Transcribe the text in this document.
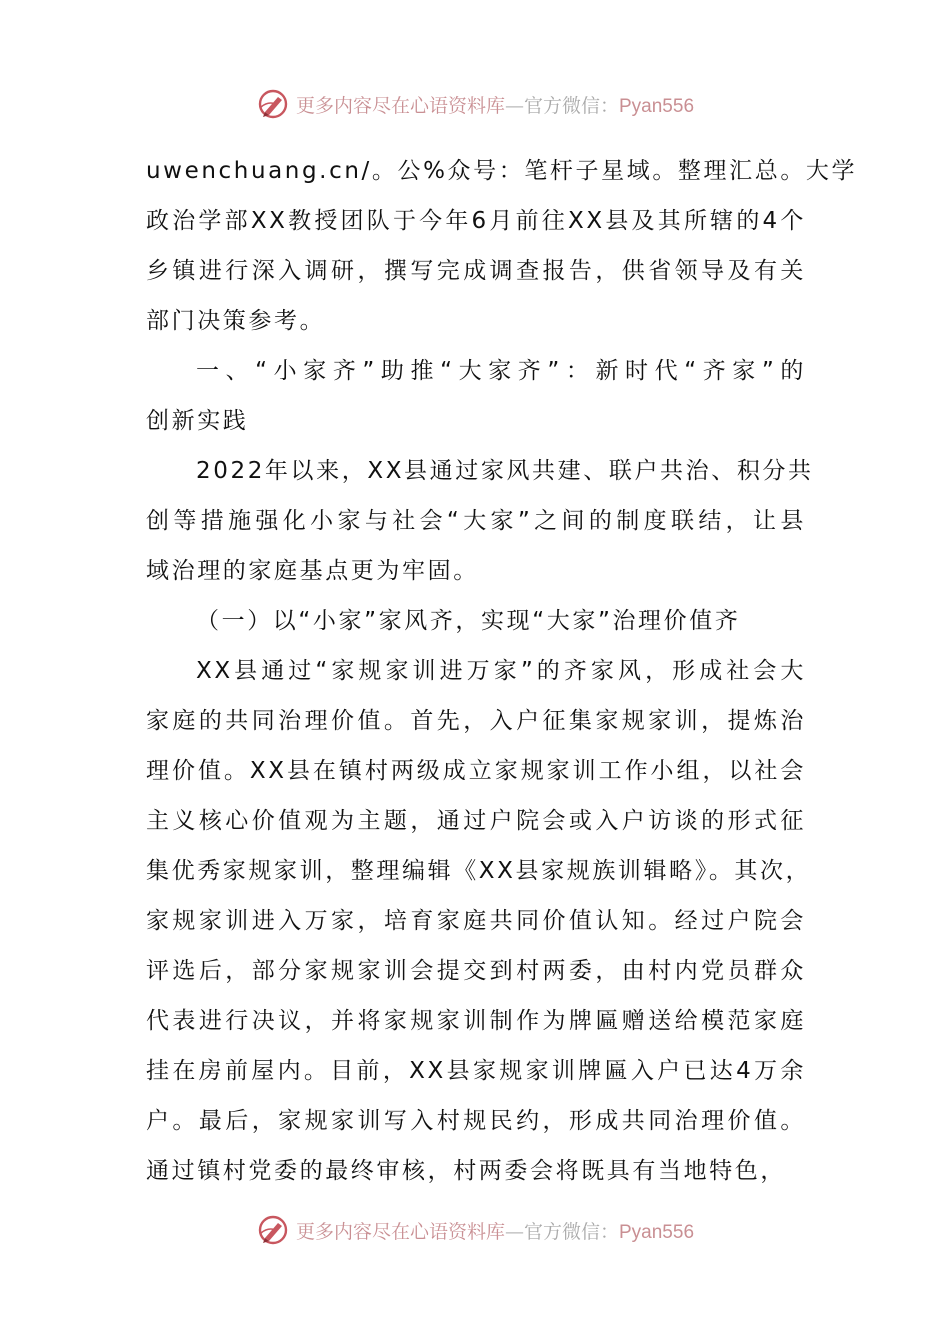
更多内容尽在心语资料库—官方微信：Pyan556
uwenchuang.cn/。公%众号：笔杆子星域。整理汇总。大学
政治学部XX教授团队于今年6月前往XX县及其所辖的4个
乡镇进行深入调研，撰写完成调查报告，供省领导及有关
部门决策参考。
一、“小家齐”助推“大家齐”：新时代“齐家”的
创新实践
2022年以来，XX县通过家风共建、联户共治、积分共
创等措施强化小家与社会“大家”之间的制度联结，让县
域治理的家庭基点更为牢固。
（一）以“小家”家风齐，实现“大家”治理价值齐
XX县通过“家规家训进万家”的齐家风，形成社会大
家庭的共同治理价值。首先，入户征集家规家训，提炼治
理价值。XX县在镇村两级成立家规家训工作小组，以社会
主义核心价值观为主题，通过户院会或入户访谈的形式征
集优秀家规家训，整理编辑《XX县家规族训辑略》。其次，
家规家训进入万家，培育家庭共同价值认知。经过户院会
评选后，部分家规家训会提交到村两委，由村内党员群众
代表进行决议，并将家规家训制作为牌匾赠送给模范家庭
挂在房前屋内。目前，XX县家规家训牌匾入户已达4万余
户。最后，家规家训写入村规民约，形成共同治理价值。
通过镇村党委的最终审核，村两委会将既具有当地特色，
更多内容尽在心语资料库—官方微信：Pyan556
